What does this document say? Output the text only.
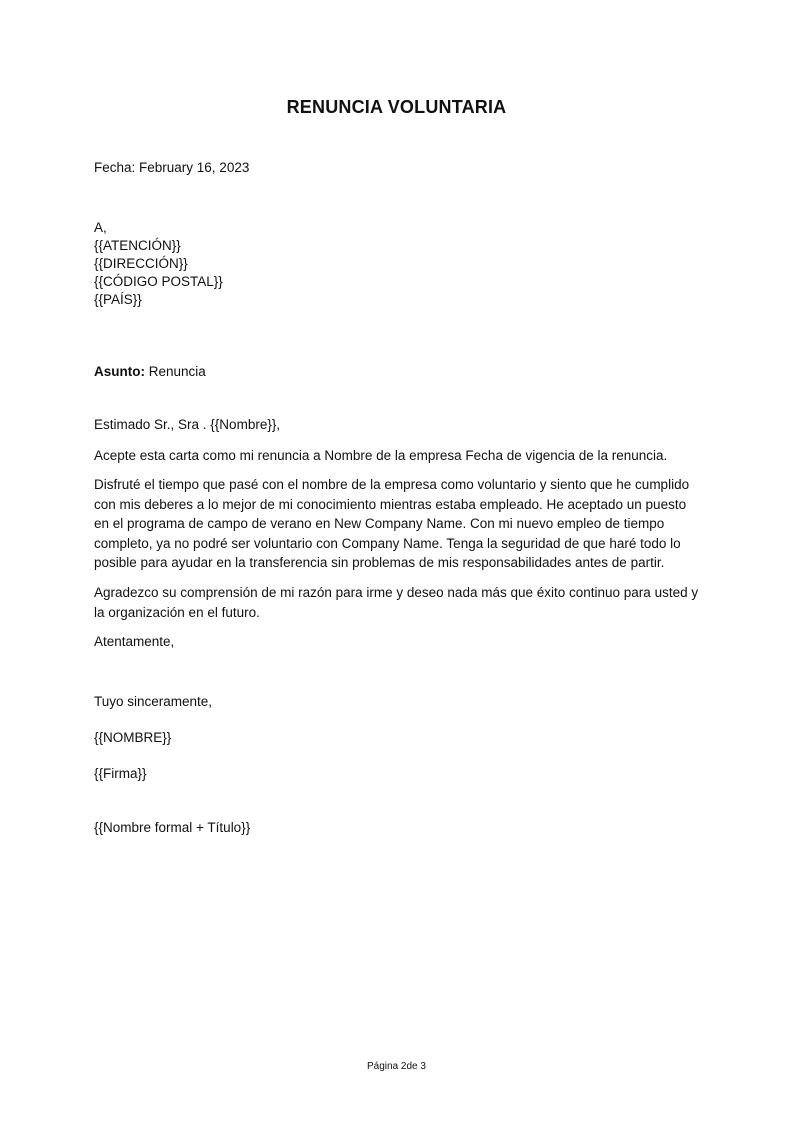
RENUNCIA VOLUNTARIA
Fecha: February 16, 2023
A,
{{ATENCIÓN}}
{{DIRECCIÓN}}
{{CÓDIGO POSTAL}}
{{PAÍS}}
Asunto: Renuncia
Estimado Sr., Sra . {{Nombre}},
Acepte esta carta como mi renuncia a Nombre de la empresa Fecha de vigencia de la renuncia.
Disfruté el tiempo que pasé con el nombre de la empresa como voluntario y siento que he cumplido con mis deberes a lo mejor de mi conocimiento mientras estaba empleado. He aceptado un puesto en el programa de campo de verano en New Company Name. Con mi nuevo empleo de tiempo completo, ya no podré ser voluntario con Company Name. Tenga la seguridad de que haré todo lo posible para ayudar en la transferencia sin problemas de mis responsabilidades antes de partir.
Agradezco su comprensión de mi razón para irme y deseo nada más que éxito continuo para usted y la organización en el futuro.
Atentamente,
Tuyo sinceramente,
{{NOMBRE}}
{{Firma}}
{{Nombre formal + Título}}
Página 2de 3
